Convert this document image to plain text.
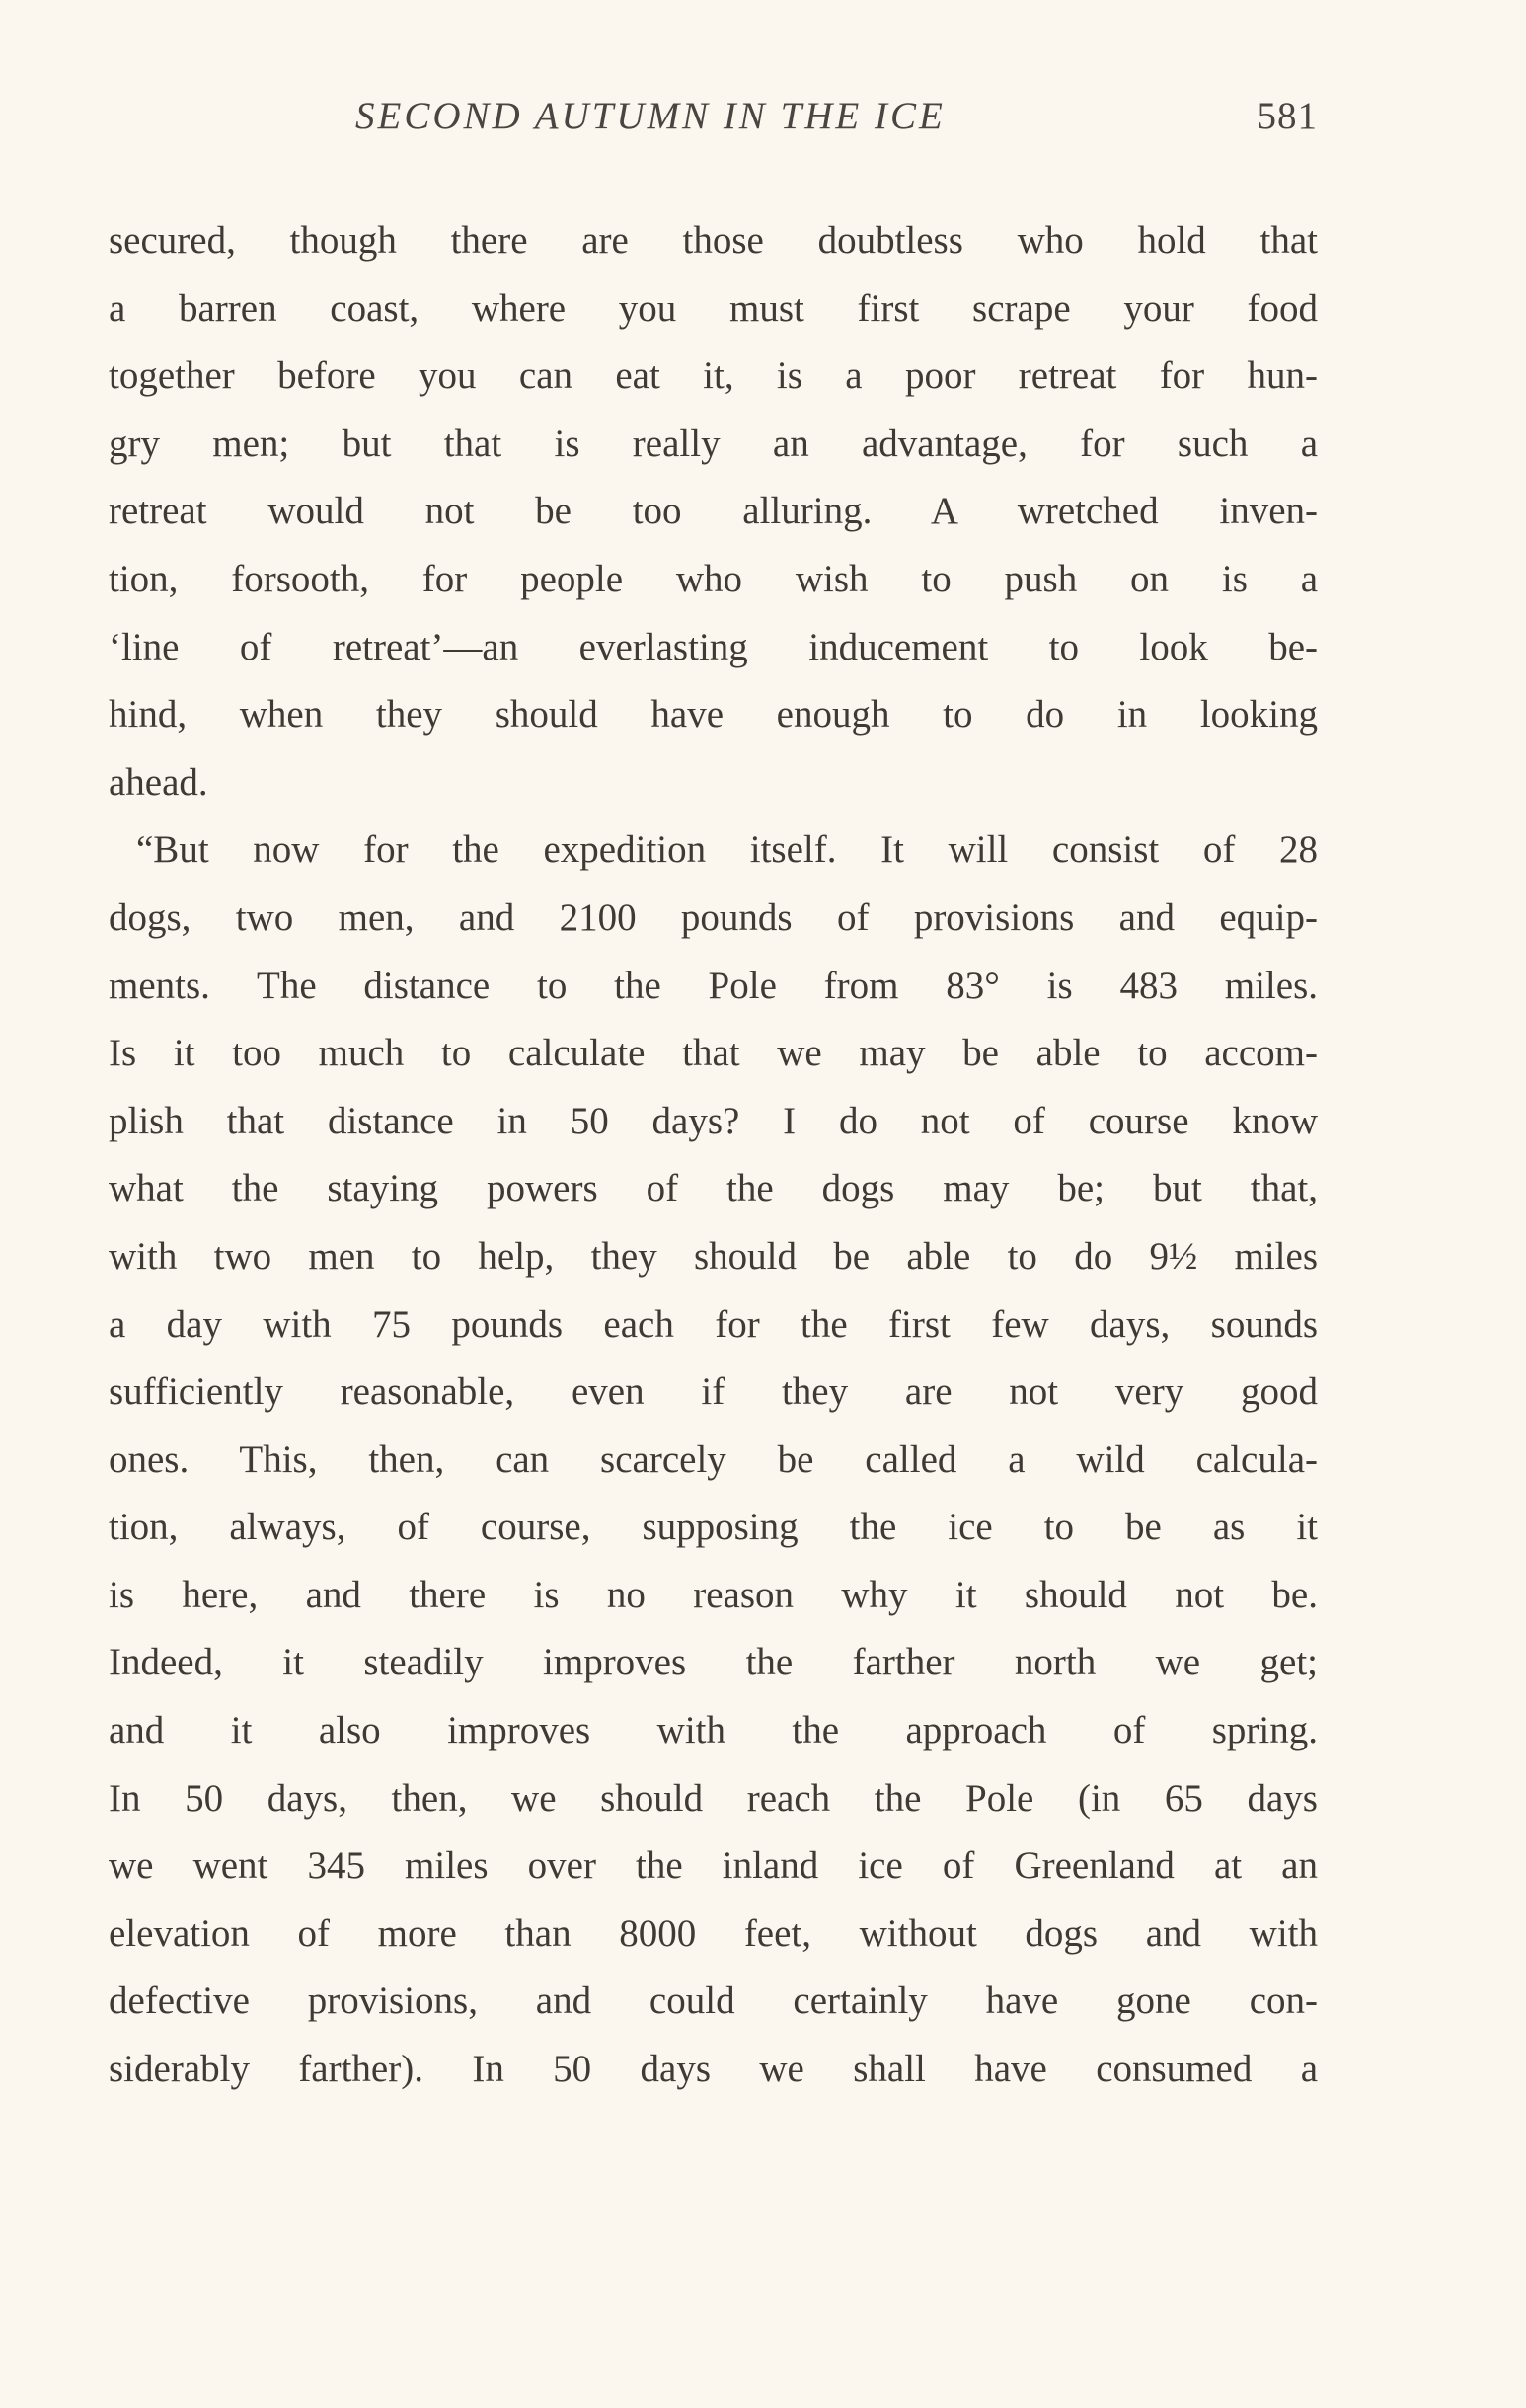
SECOND AUTUMN IN THE ICE	581
secured, though there are those doubtless who hold that
a barren coast, where you must first scrape your food
together before you can eat it, is a poor retreat for hun-
gry men; but that is really an advantage, for such a
retreat would not be too alluring. A wretched inven-
tion, forsooth, for people who wish to push on is a
‘line of retreat’—an everlasting inducement to look be-
hind, when they should have enough to do in looking
ahead.
“But now for the expedition itself. It will consist of 28
dogs, two men, and 2100 pounds of provisions and equip-
ments. The distance to the Pole from 83° is 483 miles.
Is it too much to calculate that we may be able to accom-
plish that distance in 50 days? I do not of course know
what the staying powers of the dogs may be; but that,
with two men to help, they should be able to do 9½ miles
a day with 75 pounds each for the first few days, sounds
sufficiently reasonable, even if they are not very good
ones. This, then, can scarcely be called a wild calcula-
tion, always, of course, supposing the ice to be as it
is here, and there is no reason why it should not be.
Indeed, it steadily improves the farther north we get;
and it also improves with the approach of spring.
In 50 days, then, we should reach the Pole (in 65 days
we went 345 miles over the inland ice of Greenland at an
elevation of more than 8000 feet, without dogs and with
defective provisions, and could certainly have gone con-
siderably farther). In 50 days we shall have consumed a
